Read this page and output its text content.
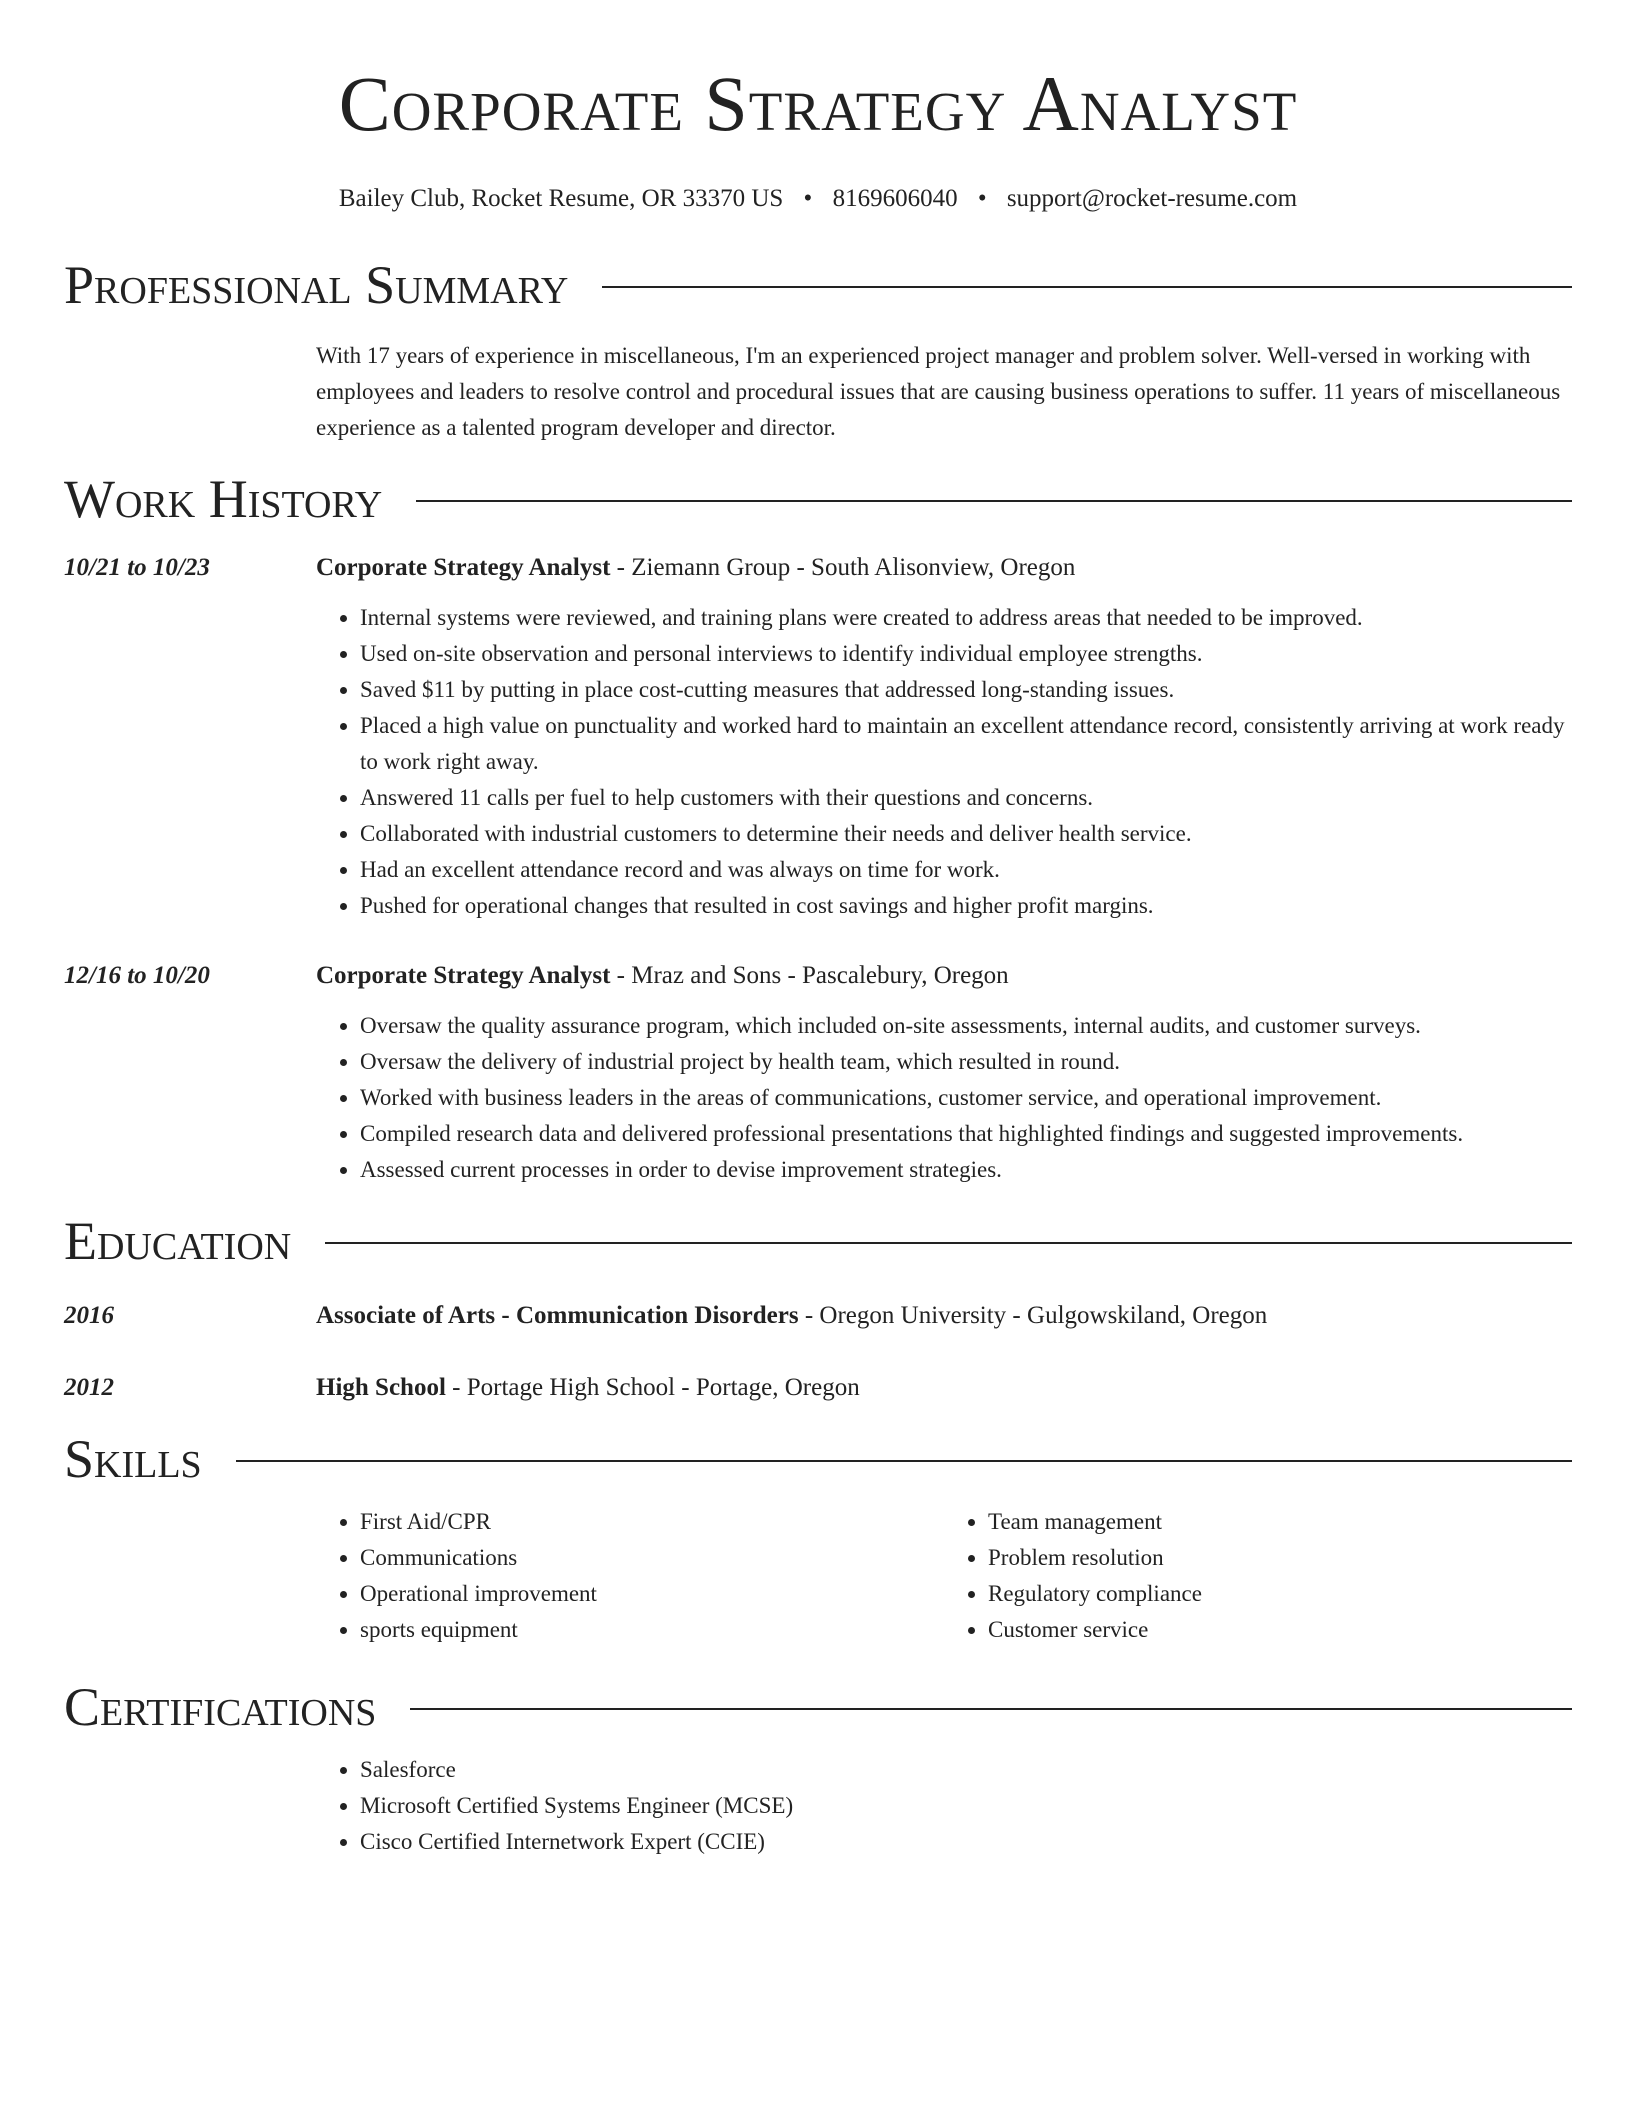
Corporate Strategy Analyst
Bailey Club, Rocket Resume, OR 33370 US • 8169606040 • support@rocket-resume.com
Professional Summary
With 17 years of experience in miscellaneous, I'm an experienced project manager and problem solver. Well-versed in working with employees and leaders to resolve control and procedural issues that are causing business operations to suffer. 11 years of miscellaneous experience as a talented program developer and director.
Work History
10/21 to 10/23	Corporate Strategy Analyst - Ziemann Group - South Alisonview, Oregon
• Internal systems were reviewed, and training plans were created to address areas that needed to be improved.
• Used on-site observation and personal interviews to identify individual employee strengths.
• Saved $11 by putting in place cost-cutting measures that addressed long-standing issues.
• Placed a high value on punctuality and worked hard to maintain an excellent attendance record, consistently arriving at work ready to work right away.
• Answered 11 calls per fuel to help customers with their questions and concerns.
• Collaborated with industrial customers to determine their needs and deliver health service.
• Had an excellent attendance record and was always on time for work.
• Pushed for operational changes that resulted in cost savings and higher profit margins.
12/16 to 10/20	Corporate Strategy Analyst - Mraz and Sons - Pascalebury, Oregon
• Oversaw the quality assurance program, which included on-site assessments, internal audits, and customer surveys.
• Oversaw the delivery of industrial project by health team, which resulted in round.
• Worked with business leaders in the areas of communications, customer service, and operational improvement.
• Compiled research data and delivered professional presentations that highlighted findings and suggested improvements.
• Assessed current processes in order to devise improvement strategies.
Education
2016	Associate of Arts - Communication Disorders - Oregon University - Gulgowskiland, Oregon
2012	High School - Portage High School - Portage, Oregon
Skills
• First Aid/CPR
• Communications
• Operational improvement
• sports equipment
• Team management
• Problem resolution
• Regulatory compliance
• Customer service
Certifications
• Salesforce
• Microsoft Certified Systems Engineer (MCSE)
• Cisco Certified Internetwork Expert (CCIE)
